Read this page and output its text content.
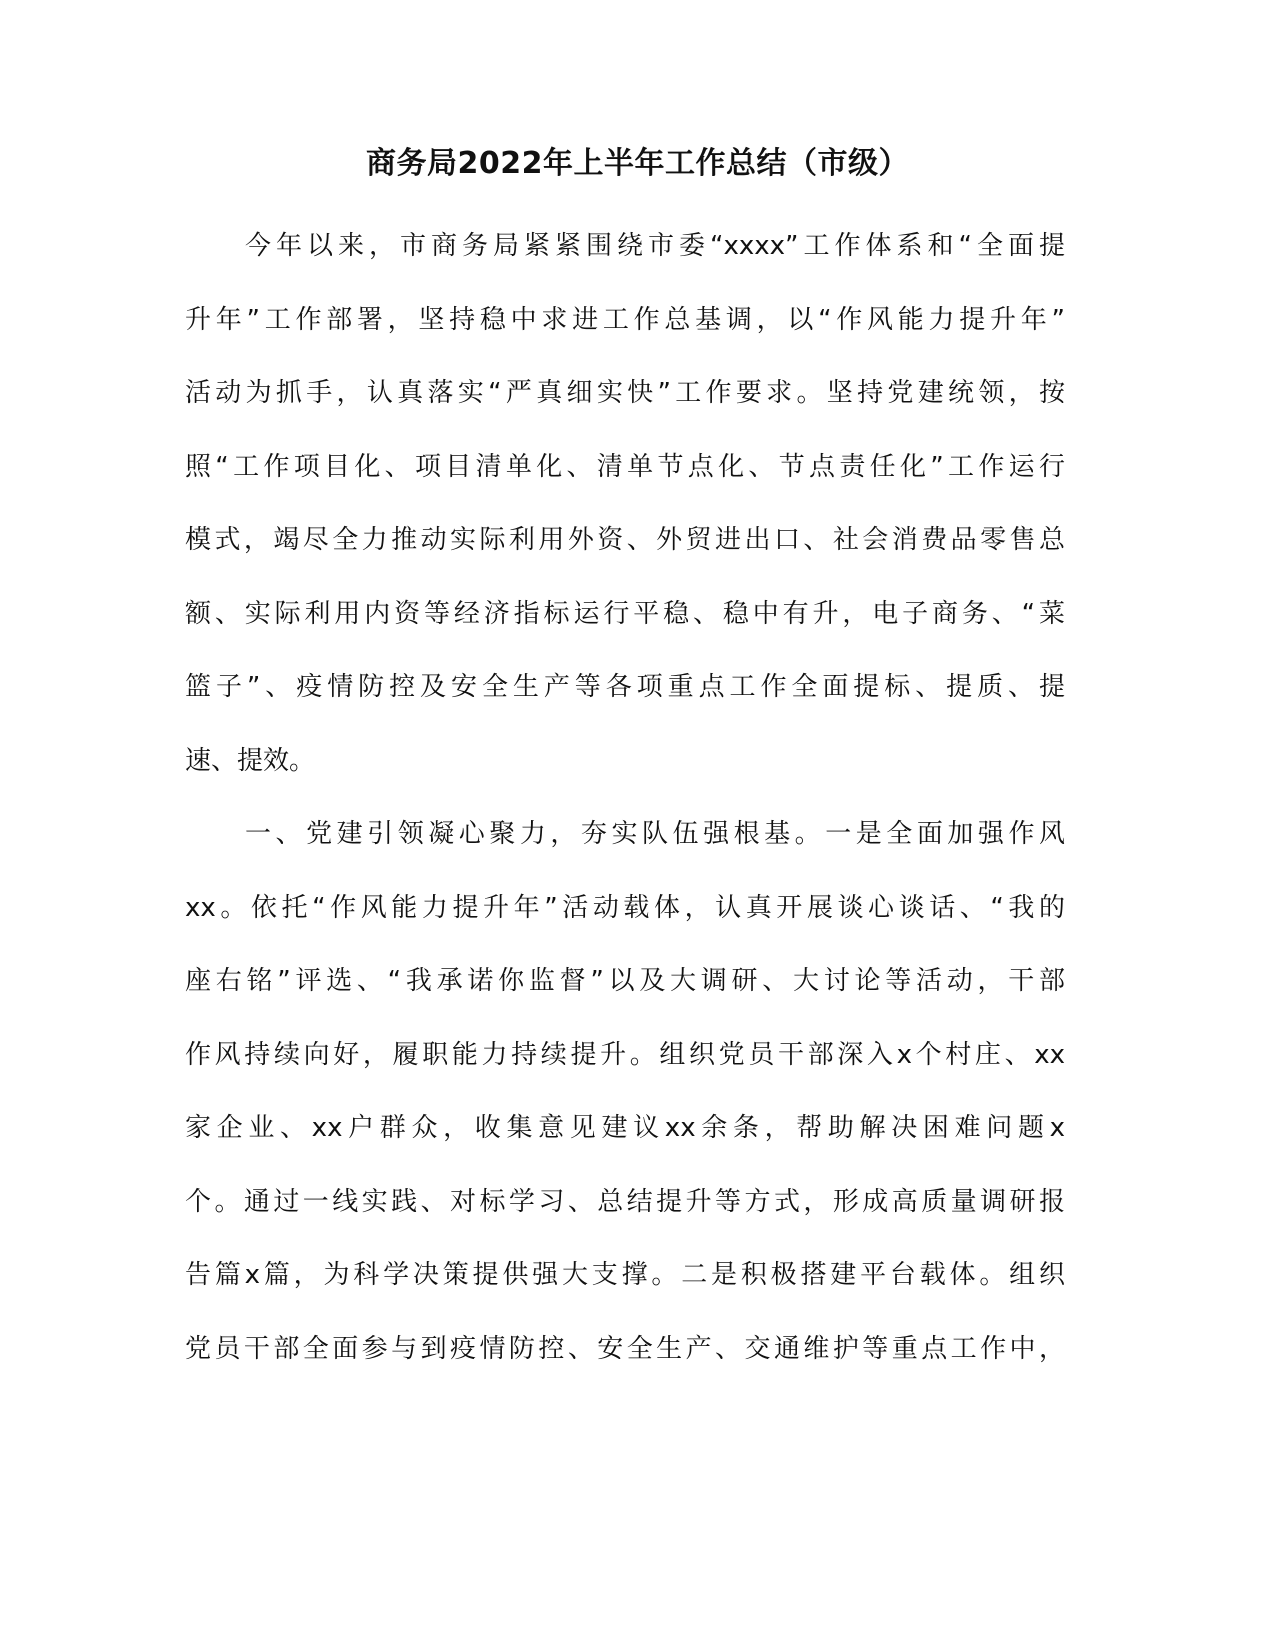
商务局2022年上半年工作总结（市级）
今年以来，市商务局紧紧围绕市委“xxxx”工作体系和“全面提
升年”工作部署，坚持稳中求进工作总基调，以“作风能力提升年”
活动为抓手，认真落实“严真细实快”工作要求。坚持党建统领，按
照“工作项目化、项目清单化、清单节点化、节点责任化”工作运行
模式，竭尽全力推动实际利用外资、外贸进出口、社会消费品零售总
额、实际利用内资等经济指标运行平稳、稳中有升，电子商务、“菜
篮子”、疫情防控及安全生产等各项重点工作全面提标、提质、提
速、提效。
一、党建引领凝心聚力，夯实队伍强根基。一是全面加强作风
xx。依托“作风能力提升年”活动载体，认真开展谈心谈话、“我的
座右铭”评选、“我承诺你监督”以及大调研、大讨论等活动，干部
作风持续向好，履职能力持续提升。组织党员干部深入x个村庄、xx
家企业、xx户群众，收集意见建议xx余条，帮助解决困难问题x
个。通过一线实践、对标学习、总结提升等方式，形成高质量调研报
告篇x篇，为科学决策提供强大支撑。二是积极搭建平台载体。组织
党员干部全面参与到疫情防控、安全生产、交通维护等重点工作中，
